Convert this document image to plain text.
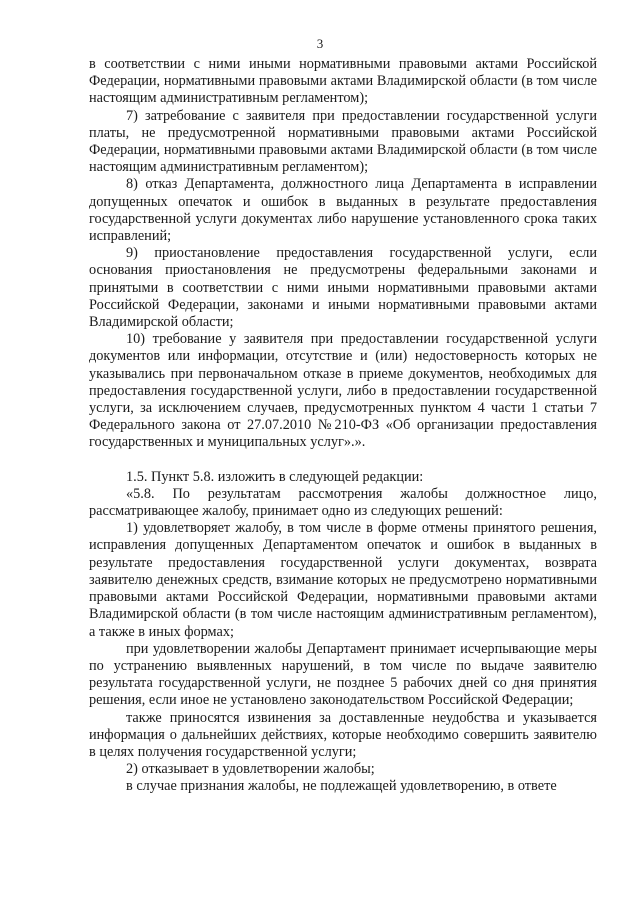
3

в соответствии с ними иными нормативными правовыми актами Российской Федерации, нормативными правовыми актами Владимирской области (в том числе настоящим административным регламентом);

7) затребование с заявителя при предоставлении государственной услуги платы, не предусмотренной нормативными правовыми актами Российской Федерации, нормативными правовыми актами Владимирской области (в том числе настоящим административным регламентом);

8) отказ Департамента, должностного лица Департамента в исправлении допущенных опечаток и ошибок в выданных в результате предоставления государственной услуги документах либо нарушение установленного срока таких исправлений;

9) приостановление предоставления государственной услуги, если основания приостановления не предусмотрены федеральными законами и принятыми в соответствии с ними иными нормативными правовыми актами Российской Федерации, законами и иными нормативными правовыми актами Владимирской области;

10) требование у заявителя при предоставлении государственной услуги документов или информации, отсутствие и (или) недостоверность которых не указывались при первоначальном отказе в приеме документов, необходимых для предоставления государственной услуги, либо в предоставлении государственной услуги, за исключением случаев, предусмотренных пунктом 4 части 1 статьи 7 Федерального закона от 27.07.2010 №210-ФЗ «Об организации предоставления государственных и муниципальных услуг».».

1.5. Пункт 5.8. изложить в следующей редакции:

«5.8. По результатам рассмотрения жалобы должностное лицо, рассматривающее жалобу, принимает одно из следующих решений:

1) удовлетворяет жалобу, в том числе в форме отмены принятого решения, исправления допущенных Департаментом опечаток и ошибок в выданных в результате предоставления государственной услуги документах, возврата заявителю денежных средств, взимание которых не предусмотрено нормативными правовыми актами Российской Федерации, нормативными правовыми актами Владимирской области (в том числе настоящим административным регламентом), а также в иных формах;

при удовлетворении жалобы Департамент принимает исчерпывающие меры по устранению выявленных нарушений, в том числе по выдаче заявителю результата государственной услуги, не позднее 5 рабочих дней со дня принятия решения, если иное не установлено законодательством Российской Федерации;

также приносятся извинения за доставленные неудобства и указывается информация о дальнейших действиях, которые необходимо совершить заявителю в целях получения государственной услуги;

2) отказывает в удовлетворении жалобы;

в случае признания жалобы, не подлежащей удовлетворению, в ответе
